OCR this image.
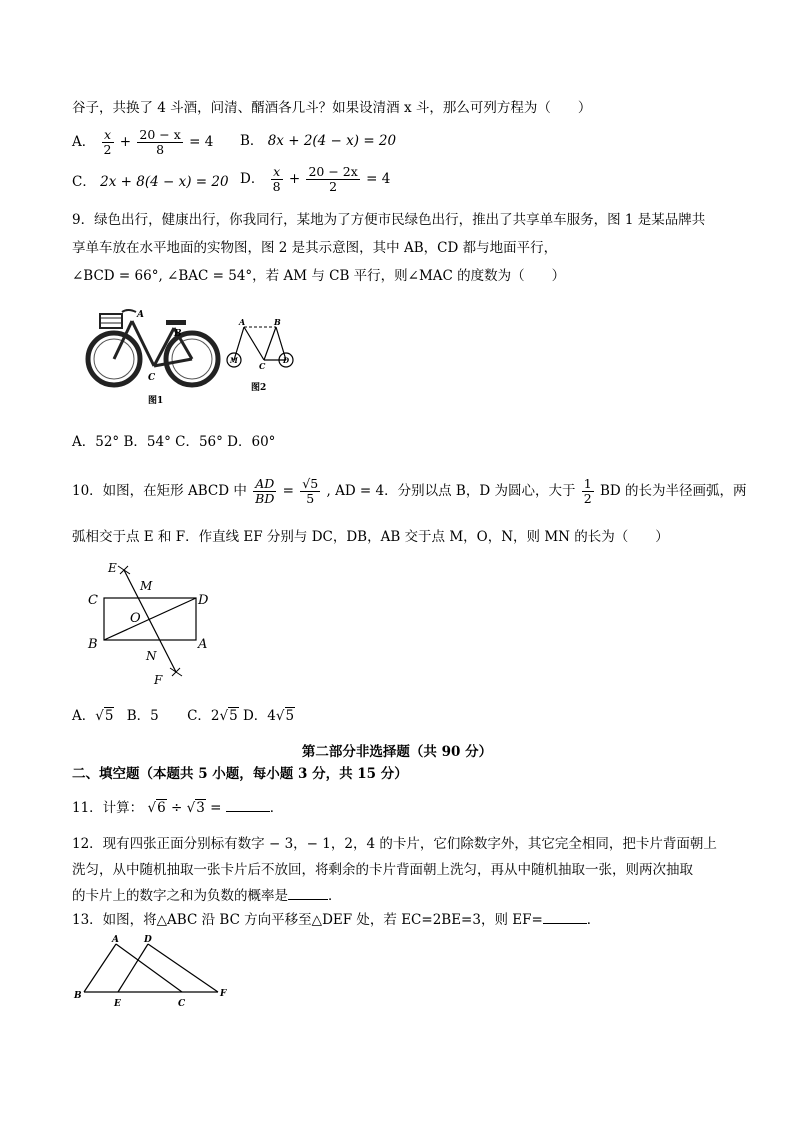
谷子，共换了 4 斗酒，问清、醑酒各几斗？如果设清酒 x 斗，那么可列方程为（　　）
A． $\frac{x}{2} + \frac{20 - x}{8} = 4$ B． 8x + 2(4 − x) = 20
C． 2x + 8(4 − x) = 20 D． $\frac{x}{8} + \frac{20 - 2x}{2} = 4$
9．绿色出行，健康出行，你我同行，某地为了方便市民绿色出行，推出了共享单车服务，图 1 是某品牌共
享单车放在水平地面的实物图，图 2 是其示意图，其中 AB，CD 都与地面平行，
∠BCD = 66°, ∠BAC = 54°，若 AM 与 CB 平行，则∠MAC 的度数为（　　）
A
B
C
M
图1
A	B
C
M	D
图2
A．52° B．54° C．56° D．60°
10．如图，在矩形 ABCD 中 $\frac{AD}{BD} = \frac{√5}{5}$ , AD = 4．分别以点 B，D 为圆心，大于 $\frac{1}{2}$ BD 的长为半径画弧，两
弧相交于点 E 和 F．作直线 EF 分别与 DC，DB，AB 交于点 M，O，N，则 MN 的长为（　　）
E
M
C	D
O
B	A
N
F
A．√5 B．5 C．2√5 D．4√5
第二部分非选择题（共 90 分）
二、填空题（本题共 5 小题，每小题 3 分，共 15 分）
11．计算： √6 ÷ √3 =	．
12．现有四张正面分别标有数字 − 3，− 1，2，4 的卡片，它们除数字外，其它完全相同，把卡片背面朝上
洗匀，从中随机抽取一张卡片后不放回，将剩余的卡片背面朝上洗匀，再从中随机抽取一张，则两次抽取
的卡片上的数字之和为负数的概率是	．
13．如图，将△ABC 沿 BC 方向平移至△DEF 处，若 EC=2BE=3，则 EF=	．
A	D
B
E	C
F
